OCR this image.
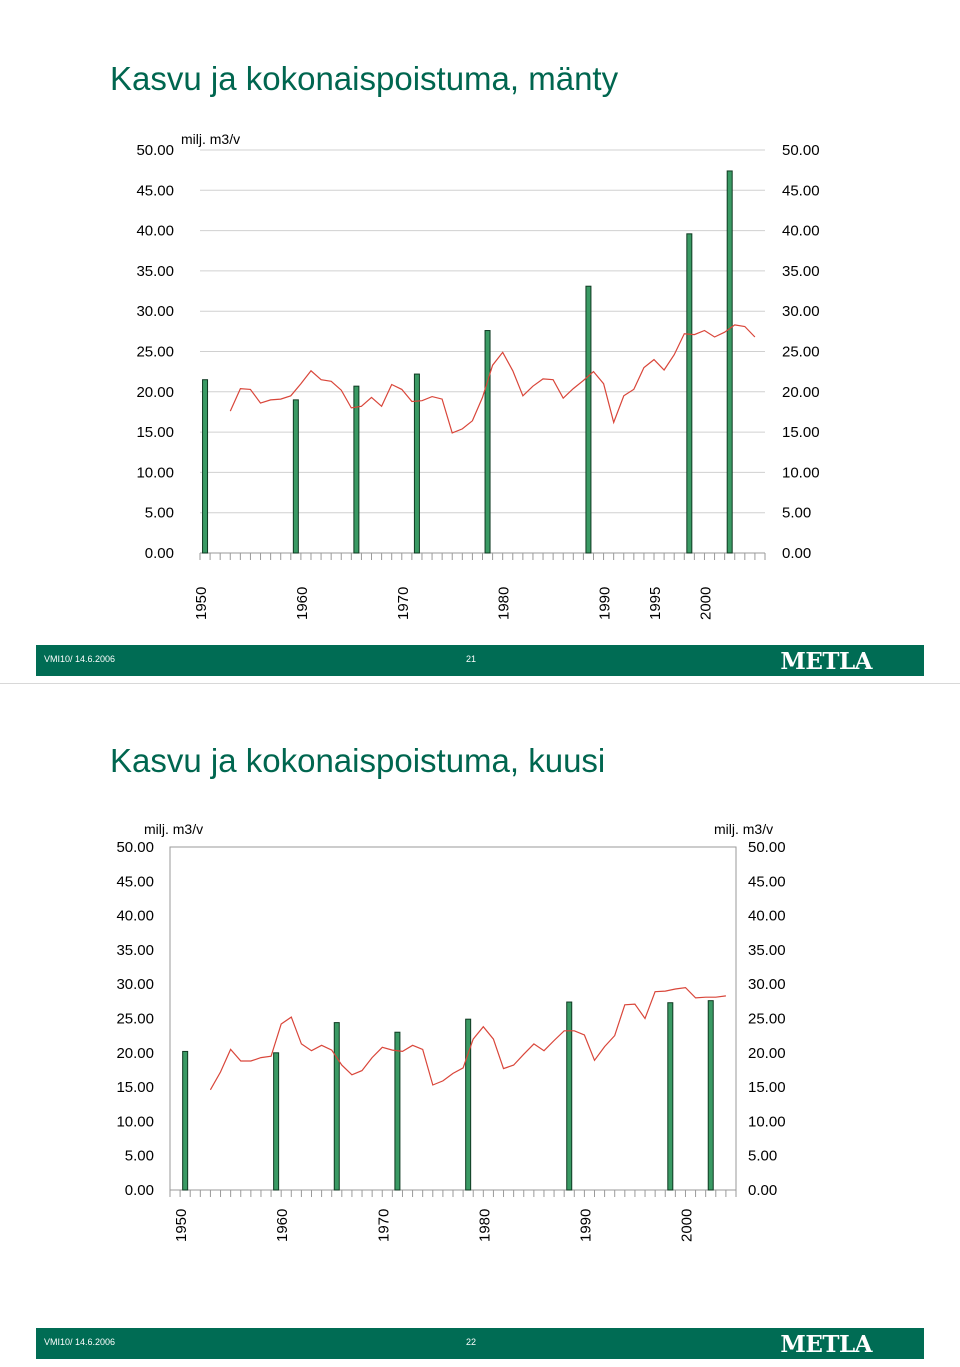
Kasvu ja kokonaispoistuma, mänty
0.00	0.00
5.00	5.00
10.00	10.00
15.00	15.00
20.00	20.00
25.00	25.00
30.00	30.00
35.00	35.00
40.00	40.00
45.00	45.00
50.00	50.00
milj. m3/v
1950	1960	1970	1980	1990 1995 2000
VMI10/ 14.6.2006	21	METLA
Kasvu ja kokonaispoistuma, kuusi
0.00	0.00
5.00	5.00
10.00	10.00
15.00	15.00
20.00	20.00
25.00	25.00
30.00	30.00
35.00	35.00
40.00	40.00
45.00	45.00
50.00	50.00
milj. m3/v	milj. m3/v
1950	1960	1970	1980	1990	2000
VMI10/ 14.6.2006	22	METLA
